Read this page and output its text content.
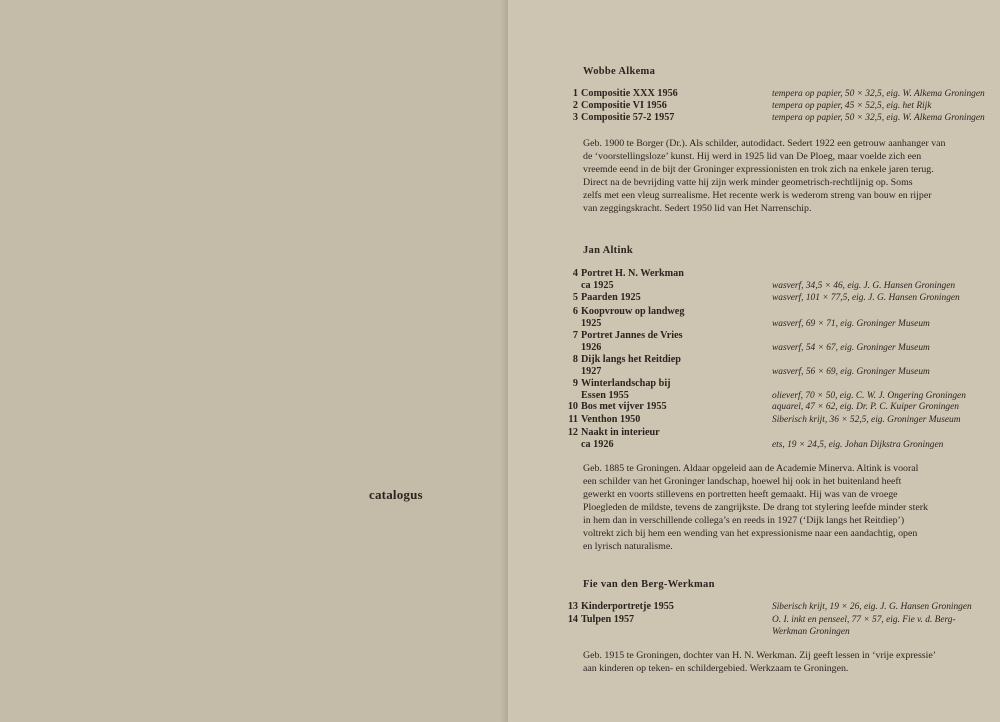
catalogus
Wobbe Alkema
1 Compositie XXX 1956	tempera op papier, 50 × 32,5, eig. W. Alkema Groningen
2 Compositie VI 1956	tempera op papier, 45 × 52,5, eig. het Rijk
3 Compositie 57-2 1957	tempera op papier, 50 × 32,5, eig. W. Alkema Groningen
Geb. 1900 te Borger (Dr.). Als schilder, autodidact. Sedert 1922 een getrouw aanhanger van
de ‘voorstellingsloze’ kunst. Hij werd in 1925 lid van De Ploeg, maar voelde zich een
vreemde eend in de bijt der Groninger expressionisten en trok zich na enkele jaren terug.
Direct na de bevrijding vatte hij zijn werk minder geometrisch-rechtlijnig op. Soms
zelfs met een vleug surrealisme. Het recente werk is wederom streng van bouw en rijper
van zeggingskracht. Sedert 1950 lid van Het Narrenschip.
Jan Altink
4 Portret H. N. Werkman
ca 1925	wasverf, 34,5 × 46, eig. J. G. Hansen Groningen
5 Paarden 1925	wasverf, 101 × 77,5, eig. J. G. Hansen Groningen
6 Koopvrouw op landweg
1925	wasverf, 69 × 71, eig. Groninger Museum
7 Portret Jannes de Vries
1926	wasverf, 54 × 67, eig. Groninger Museum
8 Dijk langs het Reitdiep
1927	wasverf, 56 × 69, eig. Groninger Museum
9 Winterlandschap bij
Essen 1955	olieverf, 70 × 50, eig. C. W. J. Ongering Groningen
10 Bos met vijver 1955	aquarel, 47 × 62, eig. Dr. P. C. Kuiper Groningen
11 Venthon 1950	Siberisch krijt, 36 × 52,5, eig. Groninger Museum
12 Naakt in interieur
ca 1926	ets, 19 × 24,5, eig. Johan Dijkstra Groningen
Geb. 1885 te Groningen. Aldaar opgeleid aan de Academie Minerva. Altink is vooral
een schilder van het Groninger landschap, hoewel hij ook in het buitenland heeft
gewerkt en voorts stillevens en portretten heeft gemaakt. Hij was van de vroege
Ploegleden de mildste, tevens de zangrijkste. De drang tot stylering leefde minder sterk
in hem dan in verschillende collega’s en reeds in 1927 (‘Dijk langs het Reitdiep’)
voltrekt zich bij hem een wending van het expressionisme naar een aandachtig, open
en lyrisch naturalisme.
Fie van den Berg-Werkman
13 Kinderportretje 1955	Siberisch krijt, 19 × 26, eig. J. G. Hansen Groningen
14 Tulpen 1957	O. I. inkt en penseel, 77 × 57, eig. Fie v. d. Berg-
Werkman Groningen
Geb. 1915 te Groningen, dochter van H. N. Werkman. Zij geeft lessen in ‘vrije expressie’
aan kinderen op teken- en schildergebied. Werkzaam te Groningen.
